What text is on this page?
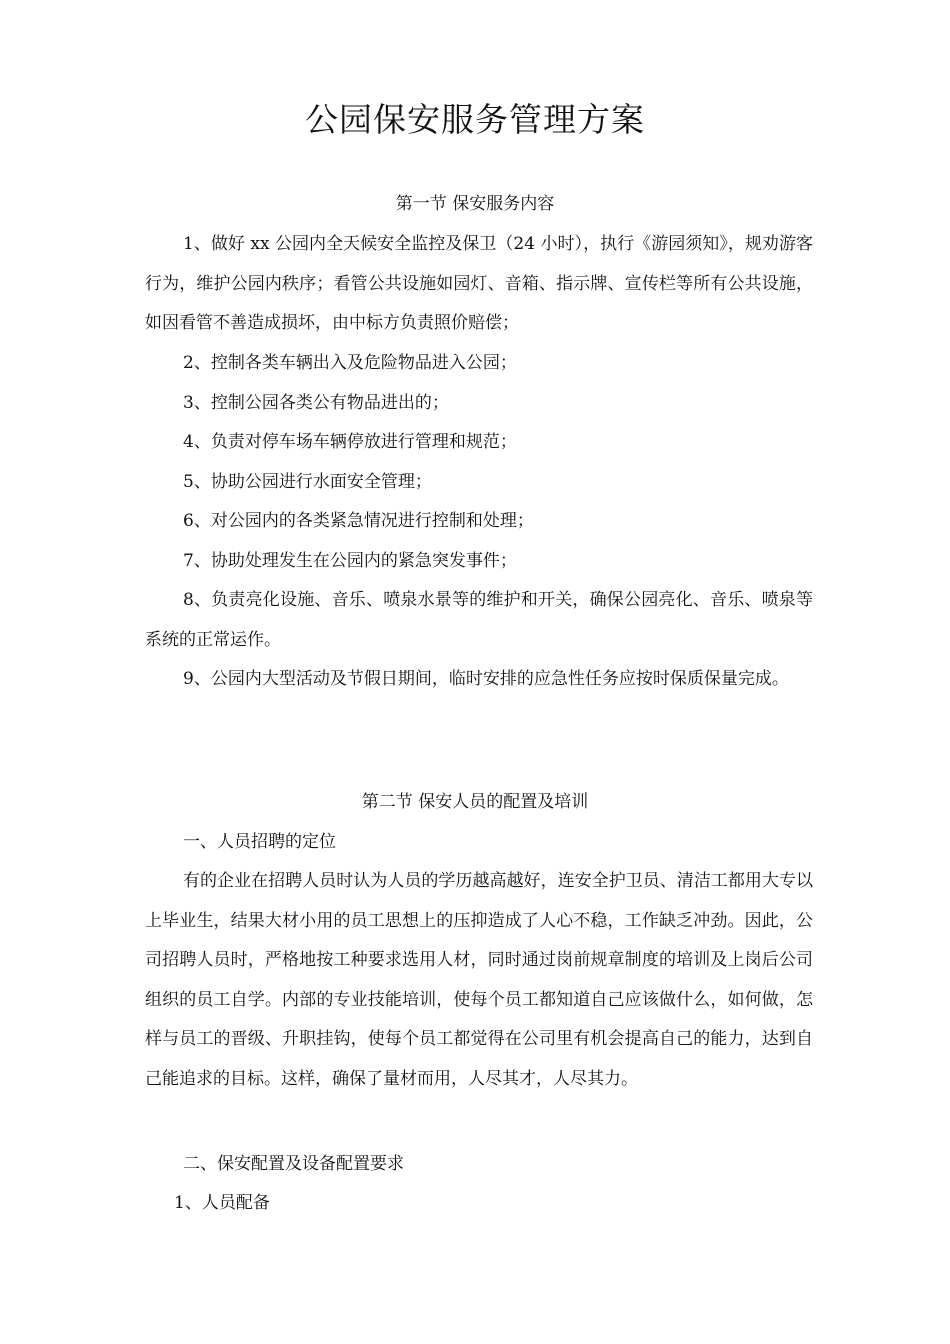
公园保安服务管理方案
第一节 保安服务内容

1、做好 xx 公园内全天候安全监控及保卫（24 小时），执行《游园须知》，规劝游客行为，维护公园内秩序；看管公共设施如园灯、音箱、指示牌、宣传栏等所有公共设施，如因看管不善造成损坏，由中标方负责照价赔偿；

2、控制各类车辆出入及危险物品进入公园；

3、控制公园各类公有物品进出的；

4、负责对停车场车辆停放进行管理和规范；

5、协助公园进行水面安全管理；

6、对公园内的各类紧急情况进行控制和处理；

7、协助处理发生在公园内的紧急突发事件；

8、负责亮化设施、音乐、喷泉水景等的维护和开关，确保公园亮化、音乐、喷泉等系统的正常运作。

9、公园内大型活动及节假日期间，临时安排的应急性任务应按时保质保量完成。

第二节 保安人员的配置及培训

一、人员招聘的定位

有的企业在招聘人员时认为人员的学历越高越好，连安全护卫员、清洁工都用大专以上毕业生，结果大材小用的员工思想上的压抑造成了人心不稳，工作缺乏冲劲。因此，公司招聘人员时，严格地按工种要求选用人材，同时通过岗前规章制度的培训及上岗后公司组织的员工自学。内部的专业技能培训，使每个员工都知道自己应该做什么，如何做，怎样与员工的晋级、升职挂钩，使每个员工都觉得在公司里有机会提高自己的能力，达到自己能追求的目标。这样，确保了量材而用，人尽其才，人尽其力。

二、保安配置及设备配置要求

1、人员配备
